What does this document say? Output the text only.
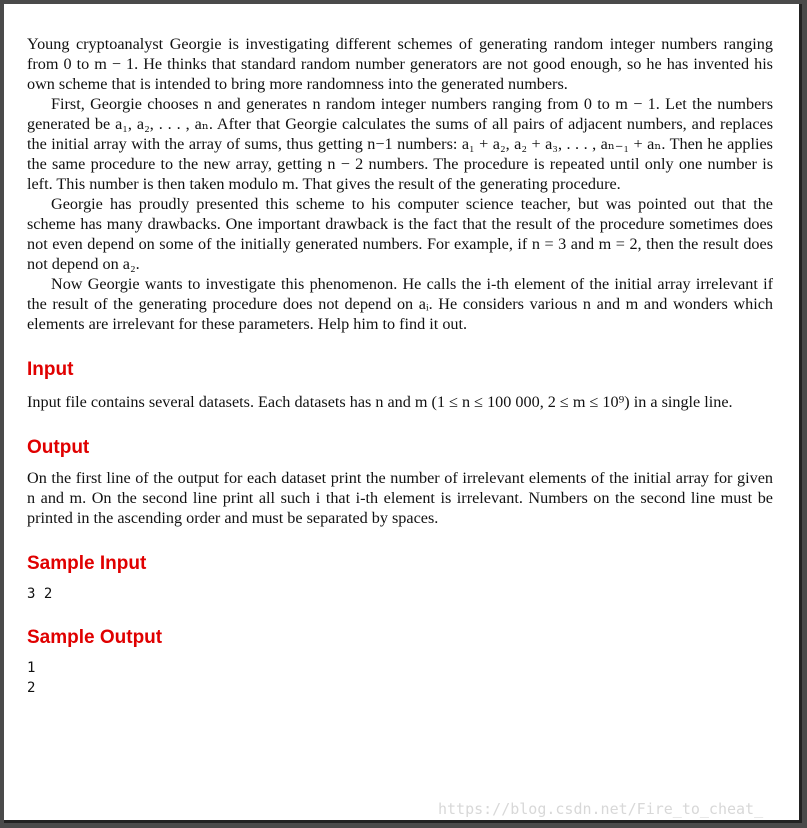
Young cryptoanalyst Georgie is investigating different schemes of generating random integer numbers ranging from 0 to m − 1. He thinks that standard random number generators are not good enough, so he has invented his own scheme that is intended to bring more randomness into the generated numbers.

First, Georgie chooses n and generates n random integer numbers ranging from 0 to m − 1. Let the numbers generated be a₁, a₂, . . . , aₙ. After that Georgie calculates the sums of all pairs of adjacent numbers, and replaces the initial array with the array of sums, thus getting n−1 numbers: a₁ + a₂, a₂ + a₃, . . . , aₙ₋₁ + aₙ. Then he applies the same procedure to the new array, getting n − 2 numbers. The procedure is repeated until only one number is left. This number is then taken modulo m. That gives the result of the generating procedure.

Georgie has proudly presented this scheme to his computer science teacher, but was pointed out that the scheme has many drawbacks. One important drawback is the fact that the result of the procedure sometimes does not even depend on some of the initially generated numbers. For example, if n = 3 and m = 2, then the result does not depend on a₂.

Now Georgie wants to investigate this phenomenon. He calls the i-th element of the initial array irrelevant if the result of the generating procedure does not depend on aᵢ. He considers various n and m and wonders which elements are irrelevant for these parameters. Help him to find it out.

Input

Input file contains several datasets. Each datasets has n and m (1 ≤ n ≤ 100 000, 2 ≤ m ≤ 10⁹) in a single line.

Output

On the first line of the output for each dataset print the number of irrelevant elements of the initial array for given n and m. On the second line print all such i that i-th element is irrelevant. Numbers on the second line must be printed in the ascending order and must be separated by spaces.

Sample Input
3 2
Sample Output
1
2
https://blog.csdn.net/Fire_to_cheat_
